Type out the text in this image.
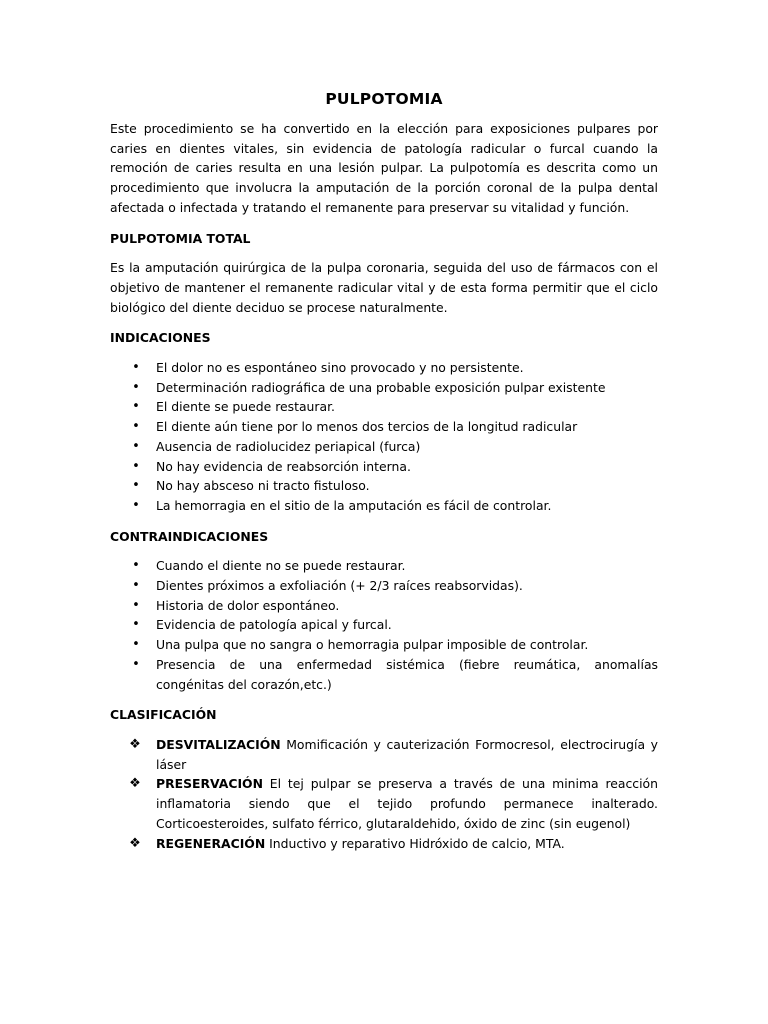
PULPOTOMIA

Este procedimiento se ha convertido en la elección para exposiciones pulpares por caries en dientes vitales, sin evidencia de patología radicular o furcal cuando la remoción de caries resulta en una lesión pulpar. La pulpotomía es descrita como un procedimiento que involucra la amputación de la porción coronal de la pulpa dental afectada o infectada y tratando el remanente para preservar su vitalidad y función.

PULPOTOMIA TOTAL

Es la amputación quirúrgica de la pulpa coronaria, seguida del uso de fármacos con el objetivo de mantener el remanente radicular vital y de esta forma permitir que el ciclo biológico del diente deciduo se procese naturalmente.

INDICACIONES
• El dolor no es espontáneo sino provocado y no persistente.
• Determinación radiográfica de una probable exposición pulpar existente
• El diente se puede restaurar.
• El diente aún tiene por lo menos dos tercios de la longitud radicular
• Ausencia de radiolucidez periapical (furca)
• No hay evidencia de reabsorción interna.
• No hay absceso ni tracto fistuloso.
• La hemorragia en el sitio de la amputación es fácil de controlar.
CONTRAINDICACIONES
• Cuando el diente no se puede restaurar.
• Dientes próximos a exfoliación (+ 2/3 raíces reabsorvidas).
• Historia de dolor espontáneo.
• Evidencia de patología apical y furcal.
• Una pulpa que no sangra o hemorragia pulpar imposible de controlar.
• Presencia de una enfermedad sistémica (fiebre reumática, anomalías congénitas del corazón,etc.)
CLASIFICACIÓN
❖ DESVITALIZACIÓN Momificación y cauterización Formocresol, electrocirugía y láser
❖ PRESERVACIÓN El tej pulpar se preserva a través de una minima reacción inflamatoria siendo que el tejido profundo permanece inalterado. Corticoesteroides, sulfato férrico, glutaraldehido, óxido de zinc (sin eugenol)
❖ REGENERACIÓN Inductivo y reparativo Hidróxido de calcio, MTA.
